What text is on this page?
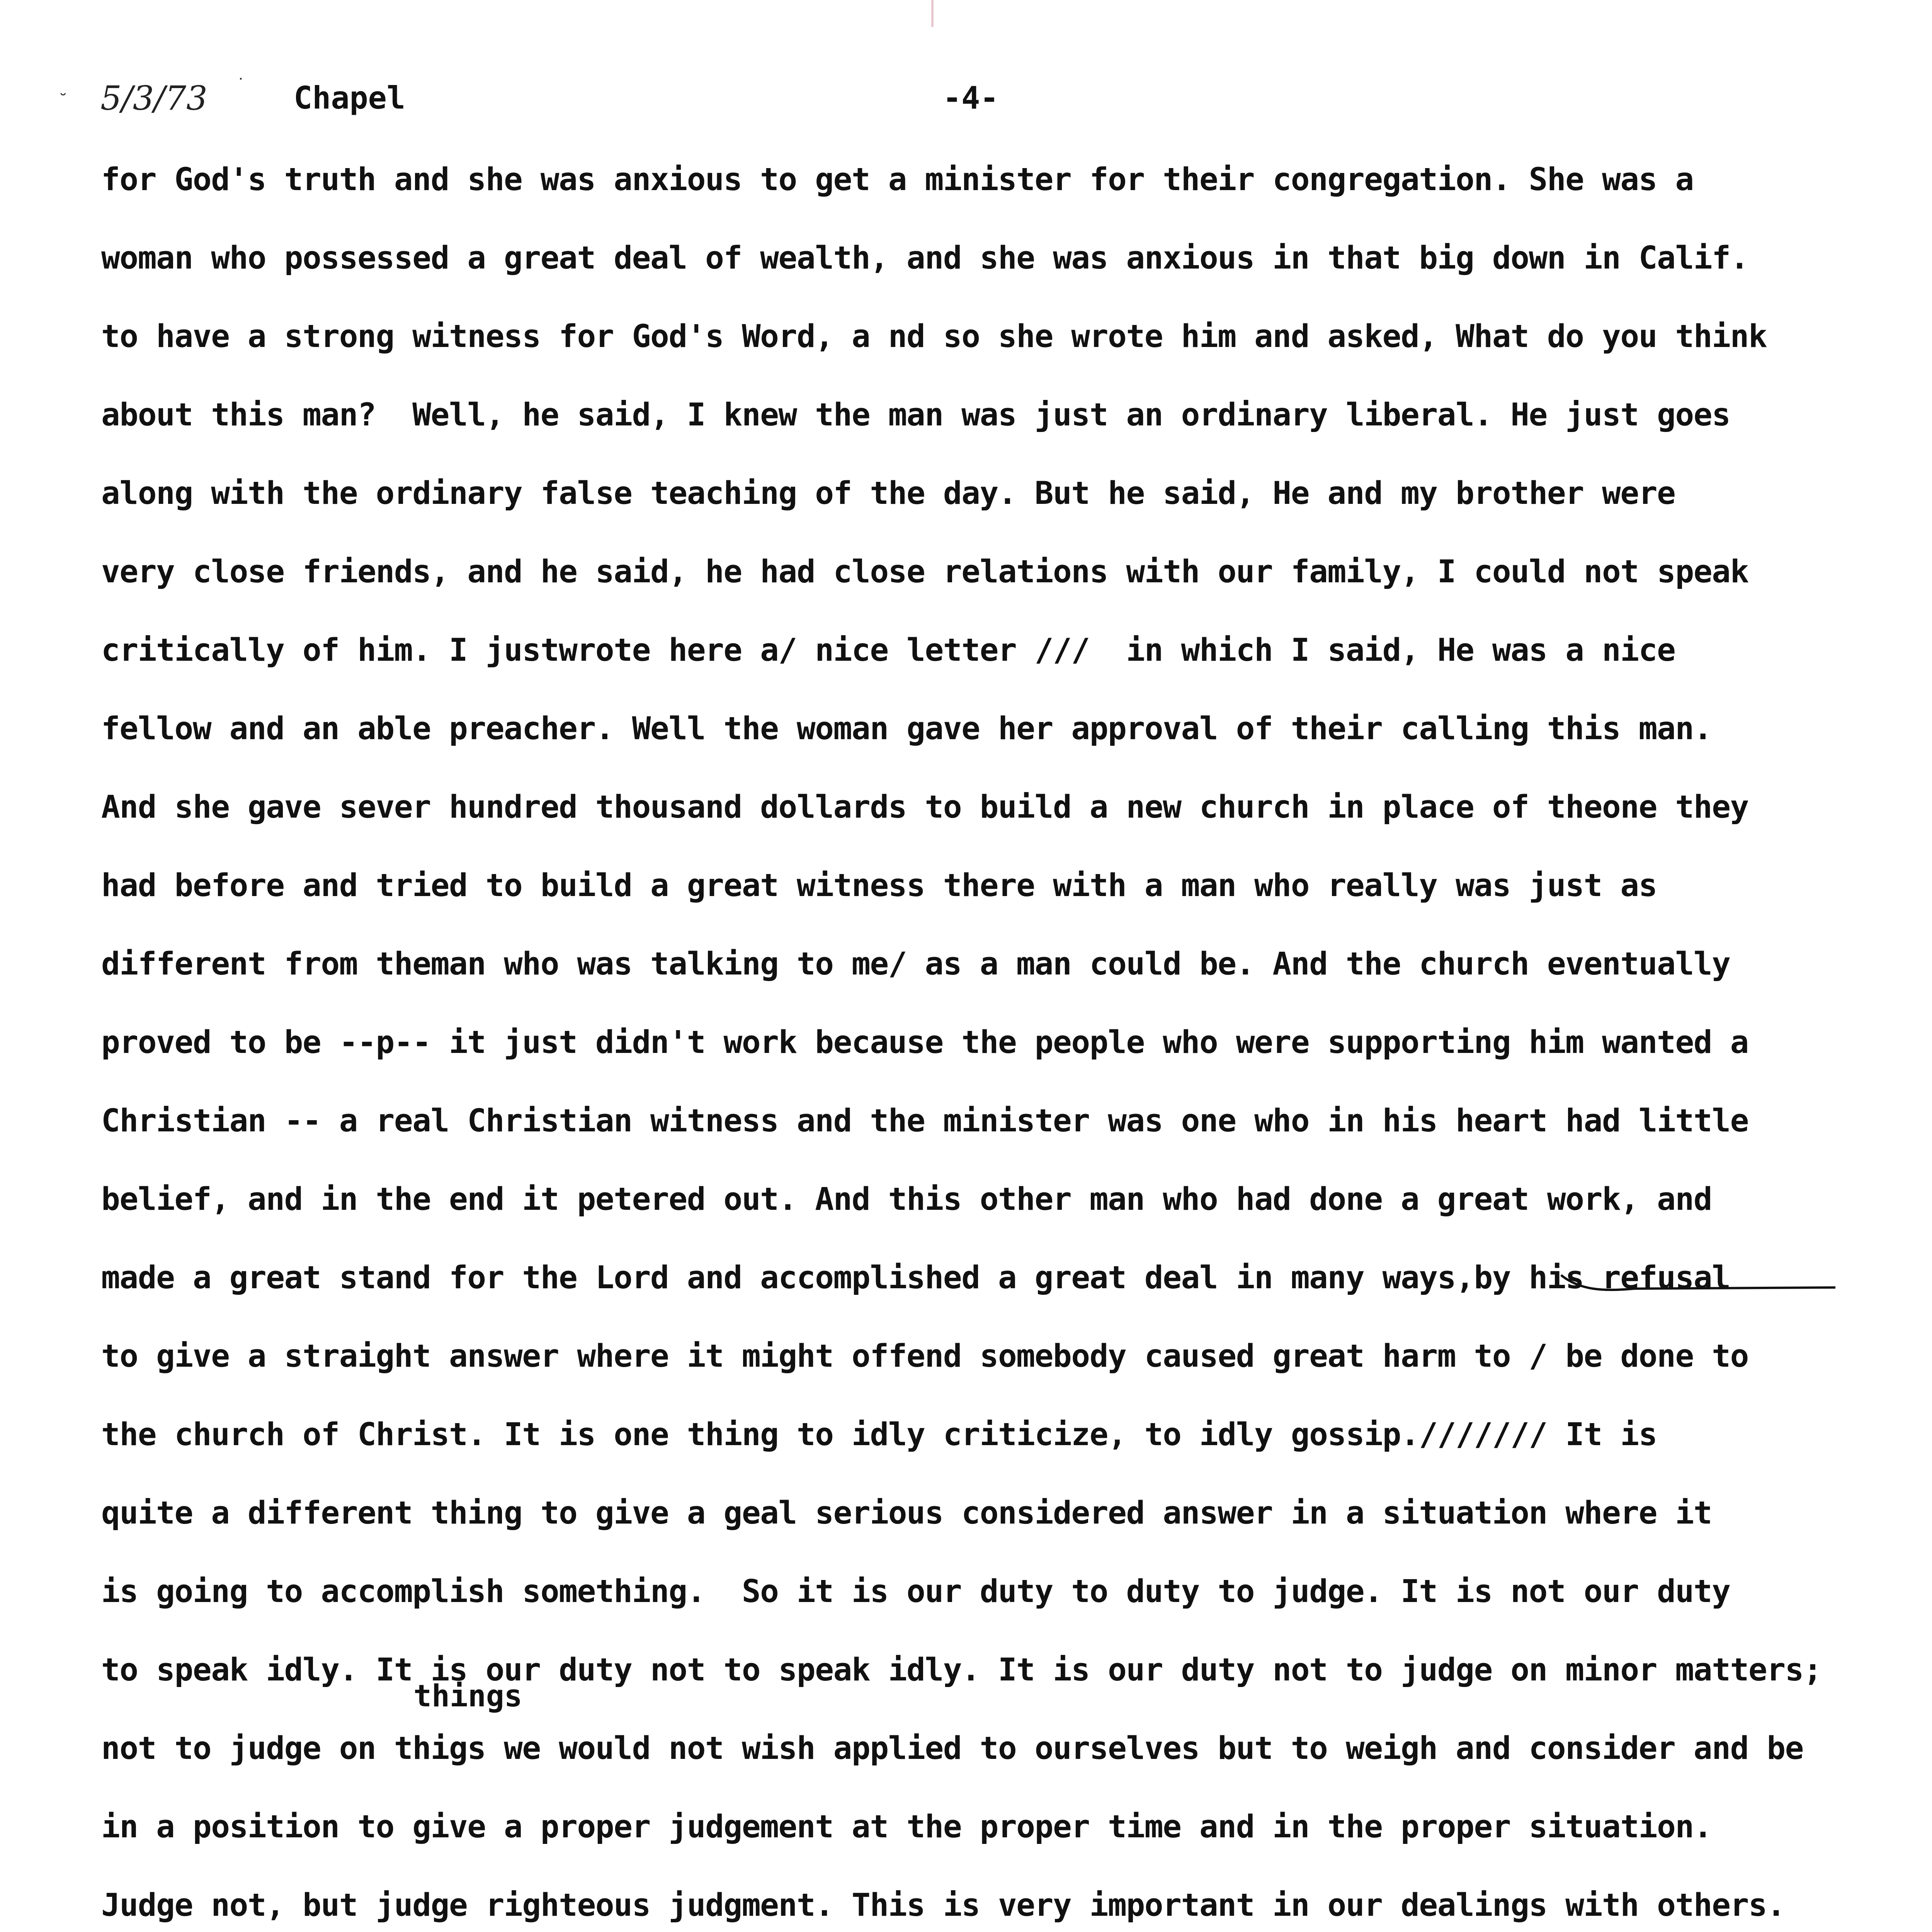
˘ 5/3/73 ˙ Chapel	-4-
for God's truth and she was anxious to get a minister for their congregation. She was a
woman who possessed a great deal of wealth, and she was anxious in that big down in Calif.
to have a strong witness for God's Word, a nd so she wrote him and asked, What do you think
about this man?  Well, he said, I knew the man was just an ordinary liberal. He just goes
along with the ordinary false teaching of the day. But he said, He and my brother were
very close friends, and he said, he had close relations with our family, I could not speak
critically of him. I justwrote here a/ nice letter ///  in which I said, He was a nice
fellow and an able preacher. Well the woman gave her approval of their calling this man.
And she gave sever hundred thousand dollards to build a new church in place of theone they
had before and tried to build a great witness there with a man who really was just as
different from theman who was talking to me/ as a man could be. And the church eventually
proved to be --p-- it just didn't work because the people who were supporting him wanted a
Christian -- a real Christian witness and the minister was one who in his heart had little
belief, and in the end it petered out. And this other man who had done a great work, and
made a great stand for the Lord and accomplished a great deal in many ways,by his refusal
to give a straight answer where it might offend somebody caused great harm to / be done to
the church of Christ. It is one thing to idly criticize, to idly gossip./////// It is
quite a different thing to give a geal serious considered answer in a situation where it
is going to accomplish something.  So it is our duty to duty to judge. It is not our duty
to speak idly. It is our duty not to speak idly. It is our duty not to judge on minor matters;
not to judge on thigs we would not wish applied to ourselves but to weigh and consider and be
in a position to give a proper judgement at the proper time and in the proper situation.
Judge not, but judge righteous judgment. This is very important in our dealings with others.
things
